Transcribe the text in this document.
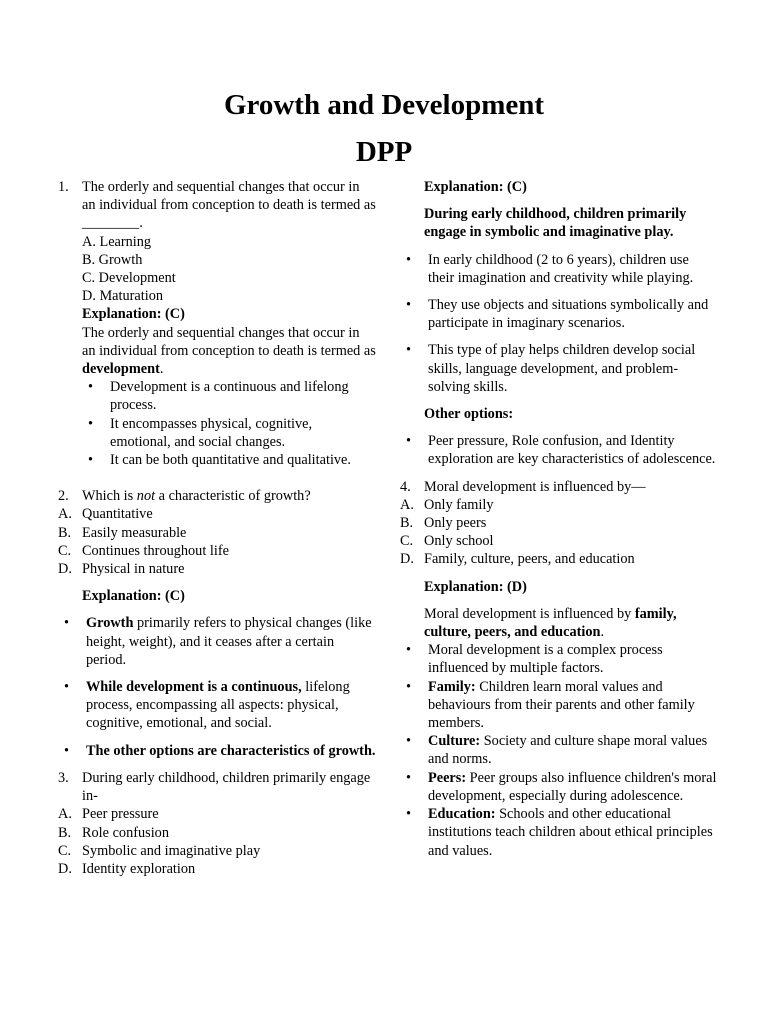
Growth and Development
DPP
1. The orderly and sequential changes that occur in an individual from conception to death is termed as ________.
A. Learning
B. Growth
C. Development
D. Maturation
Explanation: (C)
The orderly and sequential changes that occur in an individual from conception to death is termed as development.
• Development is a continuous and lifelong process.
• It encompasses physical, cognitive, emotional, and social changes.
• It can be both quantitative and qualitative.
2. Which is not a characteristic of growth?
A. Quantitative
B. Easily measurable
C. Continues throughout life
D. Physical in nature
Explanation: (C)
• Growth primarily refers to physical changes (like height, weight), and it ceases after a certain period.
• While development is a continuous, lifelong process, encompassing all aspects: physical, cognitive, emotional, and social.
• The other options are characteristics of growth.
3. During early childhood, children primarily engage in-
A. Peer pressure
B. Role confusion
C. Symbolic and imaginative play
D. Identity exploration
Explanation: (C)
During early childhood, children primarily engage in symbolic and imaginative play.
• In early childhood (2 to 6 years), children use their imagination and creativity while playing.
• They use objects and situations symbolically and participate in imaginary scenarios.
• This type of play helps children develop social skills, language development, and problem-solving skills.
Other options:
• Peer pressure, Role confusion, and Identity exploration are key characteristics of adolescence.
4. Moral development is influenced by—
A. Only family
B. Only peers
C. Only school
D. Family, culture, peers, and education
Explanation: (D)
Moral development is influenced by family, culture, peers, and education.
• Moral development is a complex process influenced by multiple factors.
• Family: Children learn moral values and behaviours from their parents and other family members.
• Culture: Society and culture shape moral values and norms.
• Peers: Peer groups also influence children's moral development, especially during adolescence.
• Education: Schools and other educational institutions teach children about ethical principles and values.
